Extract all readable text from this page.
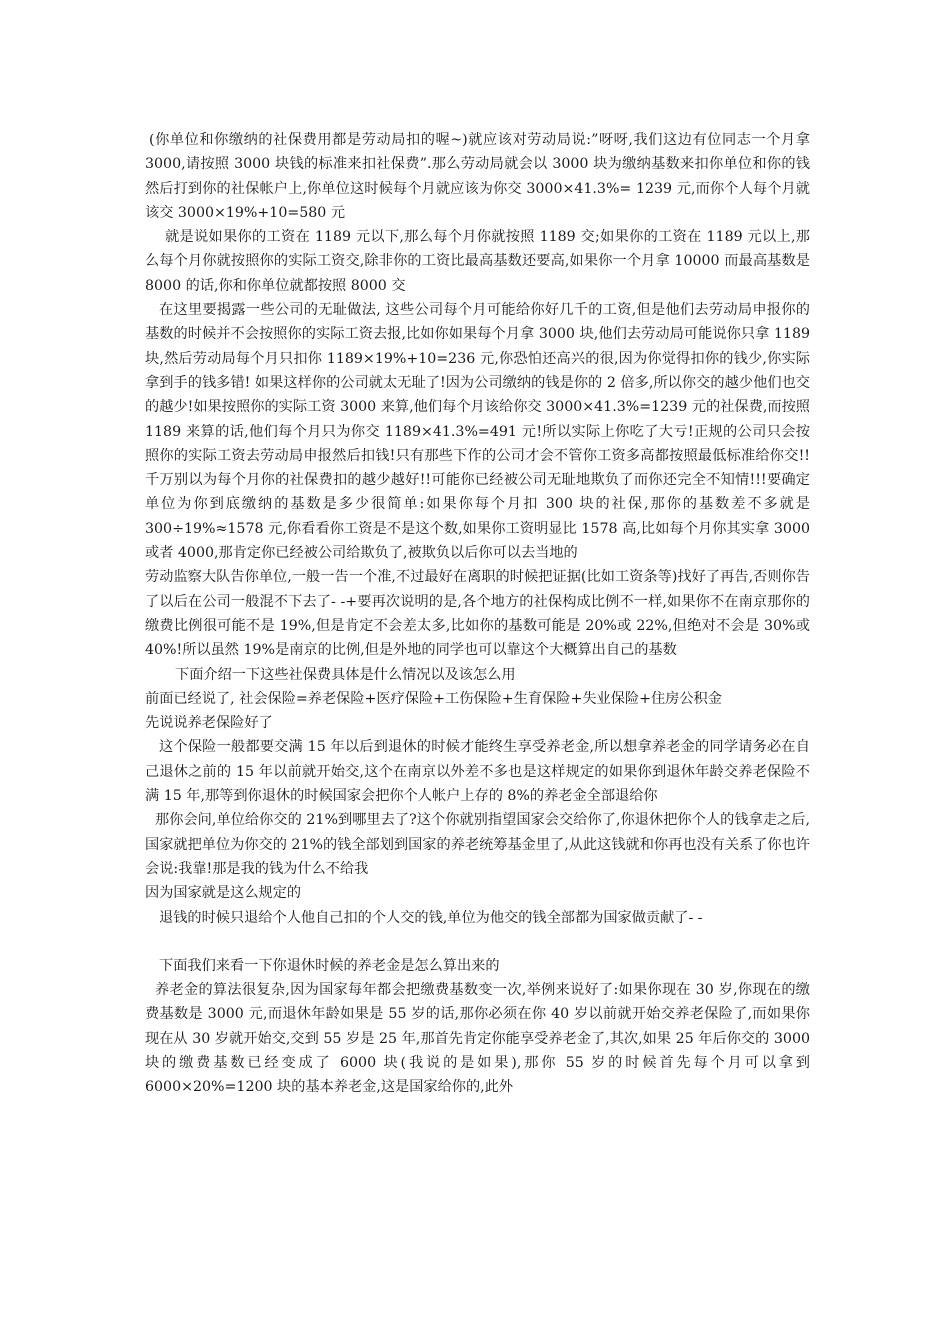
(你单位和你缴纳的社保费用都是劳动局扣的喔~)就应该对劳动局说:”呀呀,我们这边有位同志一个月拿 3000,请按照 3000 块钱的标准来扣社保费”.那么劳动局就会以 3000 块为缴纳基数来扣你单位和你的钱然后打到你的社保帐户上,你单位这时候每个月就应该为你交 3000×41.3%= 1239 元,而你个人每个月就该交 3000×19%+10=580 元

就是说如果你的工资在 1189 元以下,那么每个月你就按照 1189 交;如果你的工资在 1189 元以上,那么每个月你就按照你的实际工资交,除非你的工资比最高基数还要高,如果你一个月拿 10000 而最高基数是 8000 的话,你和你单位就都按照 8000 交

在这里要揭露一些公司的无耻做法, 这些公司每个月可能给你好几千的工资,但是他们去劳动局申报你的基数的时候并不会按照你的实际工资去报,比如你如果每个月拿 3000 块,他们去劳动局可能说你只拿 1189 块,然后劳动局每个月只扣你 1189×19%+10=236 元,你恐怕还高兴的很,因为你觉得扣你的钱少,你实际拿到手的钱多错! 如果这样你的公司就太无耻了!因为公司缴纳的钱是你的 2 倍多,所以你交的越少他们也交的越少!如果按照你的实际工资 3000 来算,他们每个月该给你交 3000×41.3%=1239 元的社保费,而按照 1189 来算的话,他们每个月只为你交 1189×41.3%=491 元!所以实际上你吃了大亏!正规的公司只会按照你的实际工资去劳动局申报然后扣钱!只有那些下作的公司才会不管你工资多高都按照最低标准给你交!!千万别以为每个月你的社保费扣的越少越好!!可能你已经被公司无耻地欺负了而你还完全不知情!!!要确定单位为你到底缴纳的基数是多少很简单:如果你每个月扣 300 块的社保,那你的基数差不多就是 300÷19%≈1578 元,你看看你工资是不是这个数,如果你工资明显比 1578 高,比如每个月你其实拿 3000 或者 4000,那肯定你已经被公司给欺负了,被欺负以后你可以去当地的

劳动监察大队告你单位,一般一告一个准,不过最好在离职的时候把证据(比如工资条等)找好了再告,否则你告了以后在公司一般混不下去了- -+要再次说明的是,各个地方的社保构成比例不一样,如果你不在南京那你的缴费比例很可能不是 19%,但是肯定不会差太多,比如你的基数可能是 20%或 22%,但绝对不会是 30%或 40%!所以虽然 19%是南京的比例,但是外地的同学也可以靠这个大概算出自己的基数

下面介绍一下这些社保费具体是什么情况以及该怎么用

前面已经说了, 社会保险=养老保险+医疗保险+工伤保险+生育保险+失业保险+住房公积金

先说说养老保险好了

这个保险一般都要交满 15 年以后到退休的时候才能终生享受养老金,所以想拿养老金的同学请务必在自己退休之前的 15 年以前就开始交,这个在南京以外差不多也是这样规定的如果你到退休年龄交养老保险不满 15 年,那等到你退休的时候国家会把你个人帐户上存的 8%的养老金全部退给你

那你会问,单位给你交的 21%到哪里去了?这个你就别指望国家会交给你了,你退休把你个人的钱拿走之后,国家就把单位为你交的 21%的钱全部划到国家的养老统筹基金里了,从此这钱就和你再也没有关系了你也许会说:我靠!那是我的钱为什么不给我

因为国家就是这么规定的

退钱的时候只退给个人他自己扣的个人交的钱,单位为他交的钱全部都为国家做贡献了- -

下面我们来看一下你退休时候的养老金是怎么算出来的

养老金的算法很复杂,因为国家每年都会把缴费基数变一次,举例来说好了:如果你现在 30 岁,你现在的缴费基数是 3000 元,而退休年龄如果是 55 岁的话,那你必须在你 40 岁以前就开始交养老保险了,而如果你现在从 30 岁就开始交,交到 55 岁是 25 年,那首先肯定你能享受养老金了,其次,如果 25 年后你交的 3000 块的缴费基数已经变成了 6000 块(我说的是如果),那你 55 岁的时候首先每个月可以拿到 6000×20%=1200 块的基本养老金,这是国家给你的,此外
